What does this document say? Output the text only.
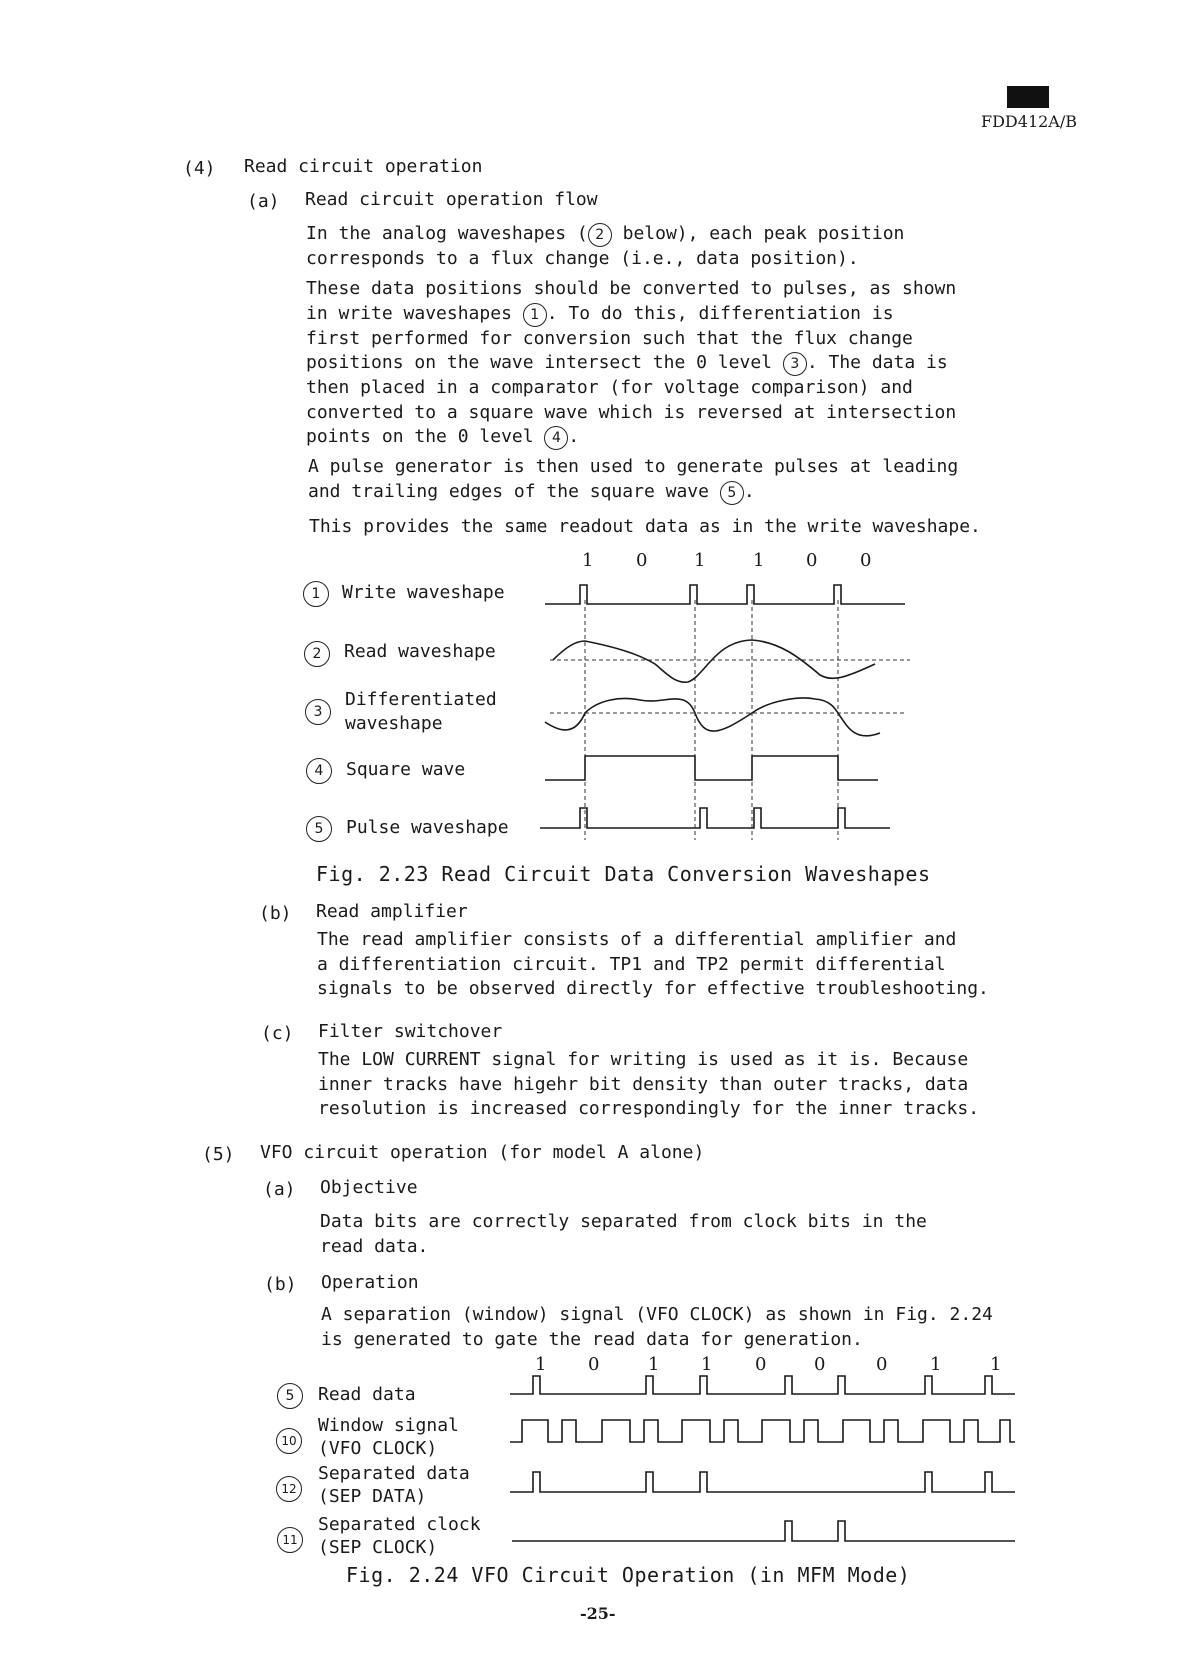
FDD412A/B
(4) Read circuit operation
(a) Read circuit operation flow
In the analog waveshapes ( 2 below), each peak position
corresponds to a flux change (i.e., data position).
These data positions should be converted to pulses, as shown
in write waveshapes 1 . To do this, differentiation is
first performed for conversion such that the flux change
positions on the wave intersect the 0 level 3 . The data is
then placed in a comparator (for voltage comparison) and
converted to a square wave which is reversed at intersection
points on the 0 level 4 .
A pulse generator is then used to generate pulses at leading
and trailing edges of the square wave 5 .
This provides the same readout data as in the write waveshape.
1 0	1	1 0 0
1	Write waveshape
2	Read waveshape
3
Differentiated
waveshape
4	Square wave
5	Pulse waveshape
Fig. 2.23 Read Circuit Data Conversion Waveshapes
(b) Read amplifier
The read amplifier consists of a differential amplifier and
a differentiation circuit. TP1 and TP2 permit differential
signals to be observed directly for effective troubleshooting.
(c) Filter switchover
The LOW CURRENT signal for writing is used as it is. Because
inner tracks have higehr bit density than outer tracks, data
resolution is increased correspondingly for the inner tracks.
(5) VFO circuit operation (for model A alone)
(a) Objective
Data bits are correctly separated from clock bits in the
read data.
(b) Operation
A separation (window) signal (VFO CLOCK) as shown in Fig. 2.24
is generated to gate the read data for generation.
1 0	1 1 0	0	0 1	1
5	Read data
10
Window signal
(VFO CLOCK)
12
Separated data
(SEP DATA)
11
Separated clock
(SEP CLOCK)
Fig. 2.24 VFO Circuit Operation (in MFM Mode)
-25-
